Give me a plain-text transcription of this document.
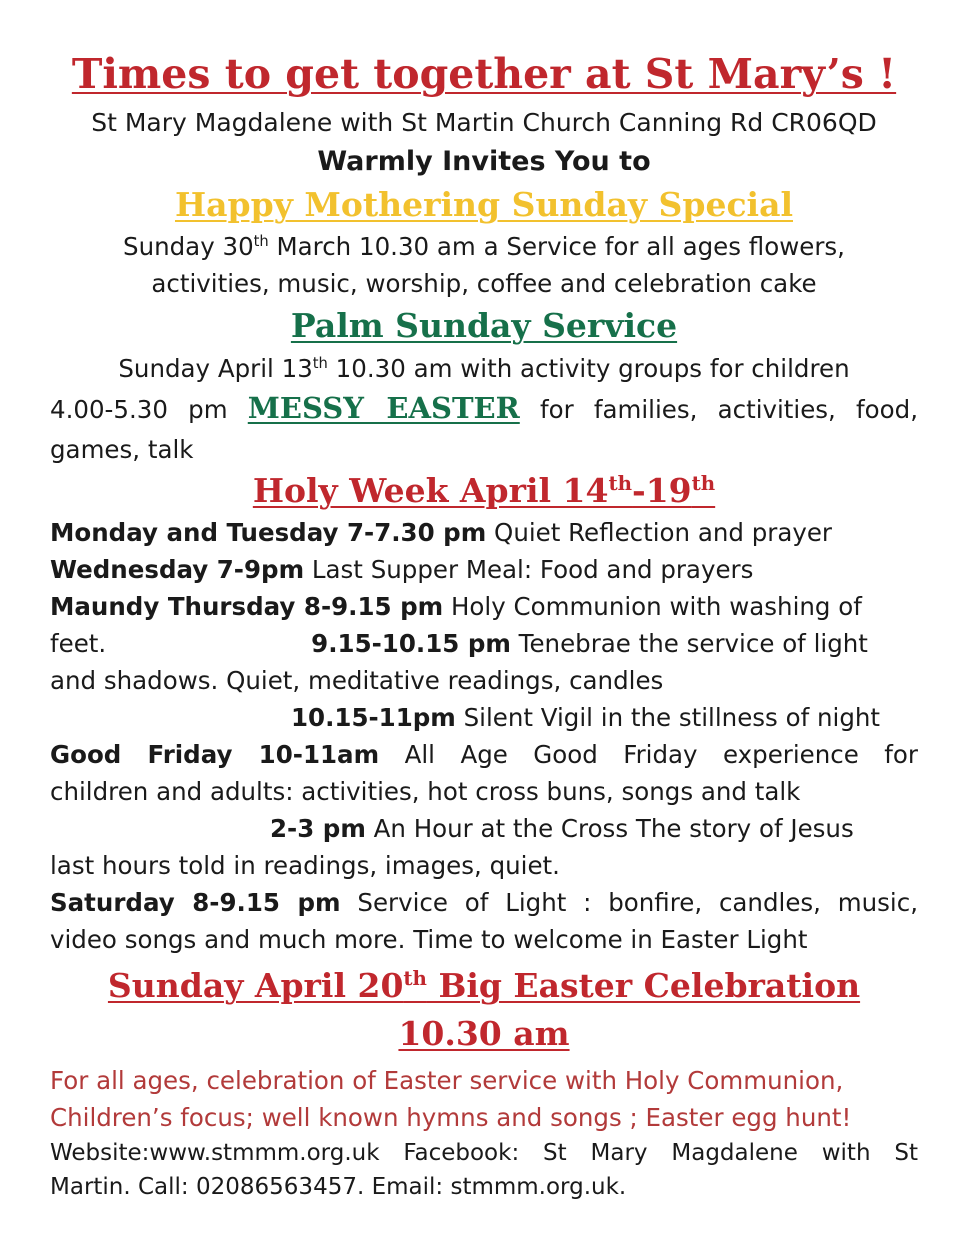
Times to get together at St Mary’s !
St Mary Magdalene with St Martin Church Canning Rd CR06QD
Warmly Invites You to
Happy Mothering Sunday Special
Sunday 30th March 10.30 am a Service for all ages flowers,
activities, music, worship, coffee and celebration cake
Palm Sunday Service
Sunday April 13th 10.30 am with activity groups for children
4.00-5.30 pm MESSY EASTER for families, activities, food,
games, talk
Holy Week April 14th-19th
Monday and Tuesday 7-7.30 pm Quiet Reflection and prayer
Wednesday 7-9pm Last Supper Meal: Food and prayers
Maundy Thursday 8-9.15 pm Holy Communion with washing of
feet.	9.15-10.15 pm Tenebrae the service of light
and shadows. Quiet, meditative readings, candles
10.15-11pm Silent Vigil in the stillness of night
Good Friday 10-11am All Age Good Friday experience for
children and adults: activities, hot cross buns, songs and talk
2-3 pm An Hour at the Cross The story of Jesus
last hours told in readings, images, quiet.
Saturday 8-9.15 pm Service of Light : bonfire, candles, music,
video songs and much more. Time to welcome in Easter Light
Sunday April 20th Big Easter Celebration
10.30 am
For all ages, celebration of Easter service with Holy Communion,
Children’s focus; well known hymns and songs ; Easter egg hunt!
Website:www.stmmm.org.uk Facebook: St Mary Magdalene with St
Martin. Call: 02086563457. Email: stmmm.org.uk.
